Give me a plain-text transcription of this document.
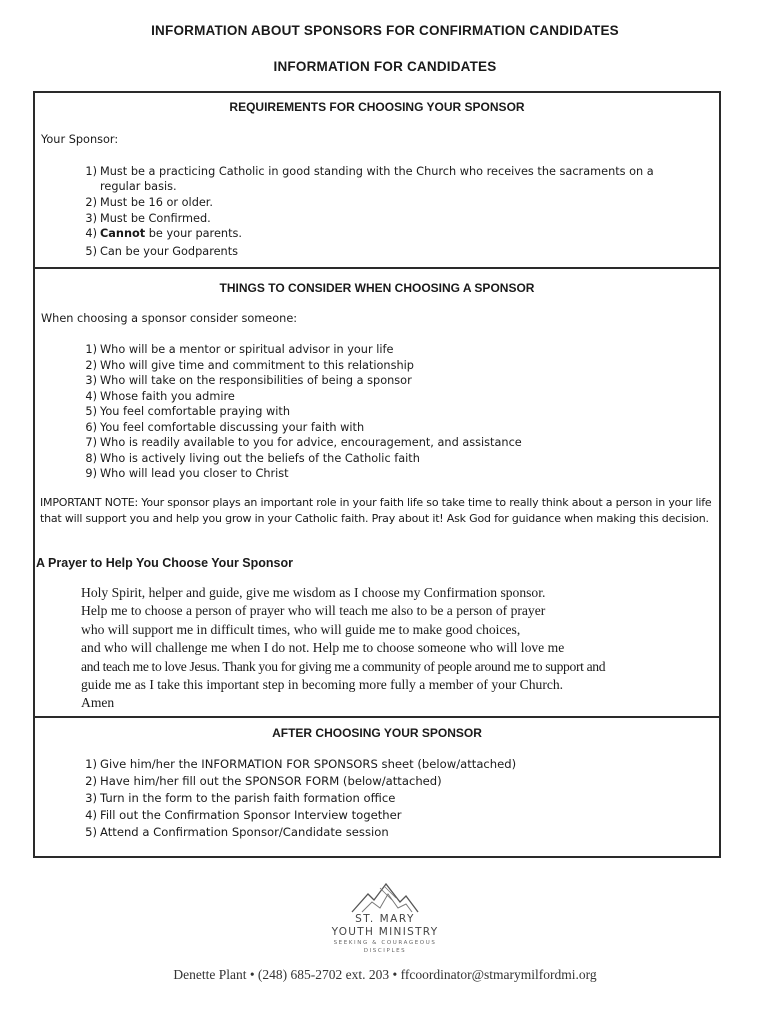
INFORMATION ABOUT SPONSORS FOR CONFIRMATION CANDIDATES
INFORMATION FOR CANDIDATES
REQUIREMENTS FOR CHOOSING YOUR SPONSOR
Your Sponsor:
1 ) Must be a practicing Catholic in good standing with the Church who receives the sacraments on a
regular basis.
2 ) Must be 16 or older.
3 ) Must be Confirmed.
4 ) Cannot be your parents.
5 ) Can be your Godparents
THINGS TO CONSIDER WHEN CHOOSING A SPONSOR
When choosing a sponsor consider someone:
1 ) Who will be a mentor or spiritual advisor in your life
2 ) Who will give time and commitment to this relationship
3 ) Who will take on the responsibilities of being a sponsor
4 ) Whose faith you admire
5 ) You feel comfortable praying with
6 ) You feel comfortable discussing your faith with
7 ) Who is readily available to you for advice, encouragement, and assistance
8 ) Who is actively living out the beliefs of the Catholic faith
9 ) Who will lead you closer to Christ
IMPORTANT NOTE: Your sponsor plays an important role in your faith life so take time to really think about a person in your life that will support you and help you grow in your Catholic faith. Pray about it! Ask God for guidance when making this decision.
A Prayer to Help You Choose Your Sponsor
Holy Spirit, helper and guide, give me wisdom as I choose my Confirmation sponsor.
Help me to choose a person of prayer who will teach me also to be a person of prayer
who will support me in difficult times, who will guide me to make good choices,
and who will challenge me when I do not. Help me to choose someone who will love me
and teach me to love Jesus. Thank you for giving me a community of people around me to support and
guide me as I take this important step in becoming more fully a member of your Church.
Amen
AFTER CHOOSING YOUR SPONSOR
1 ) Give him/her the INFORMATION FOR SPONSORS sheet (below/attached)
2 ) Have him/her fill out the SPONSOR FORM (below/attached)
3 ) Turn in the form to the parish faith formation office
4 ) Fill out the Confirmation Sponsor Interview together
5 ) Attend a Confirmation Sponsor/Candidate session
ST. MARY
YOUTH MINISTRY
SEEKING & COURAGEOUS
DISCIPLES
Denette Plant • (248) 685-2702 ext. 203 • ffcoordinator@stmarymilfordmi.org
